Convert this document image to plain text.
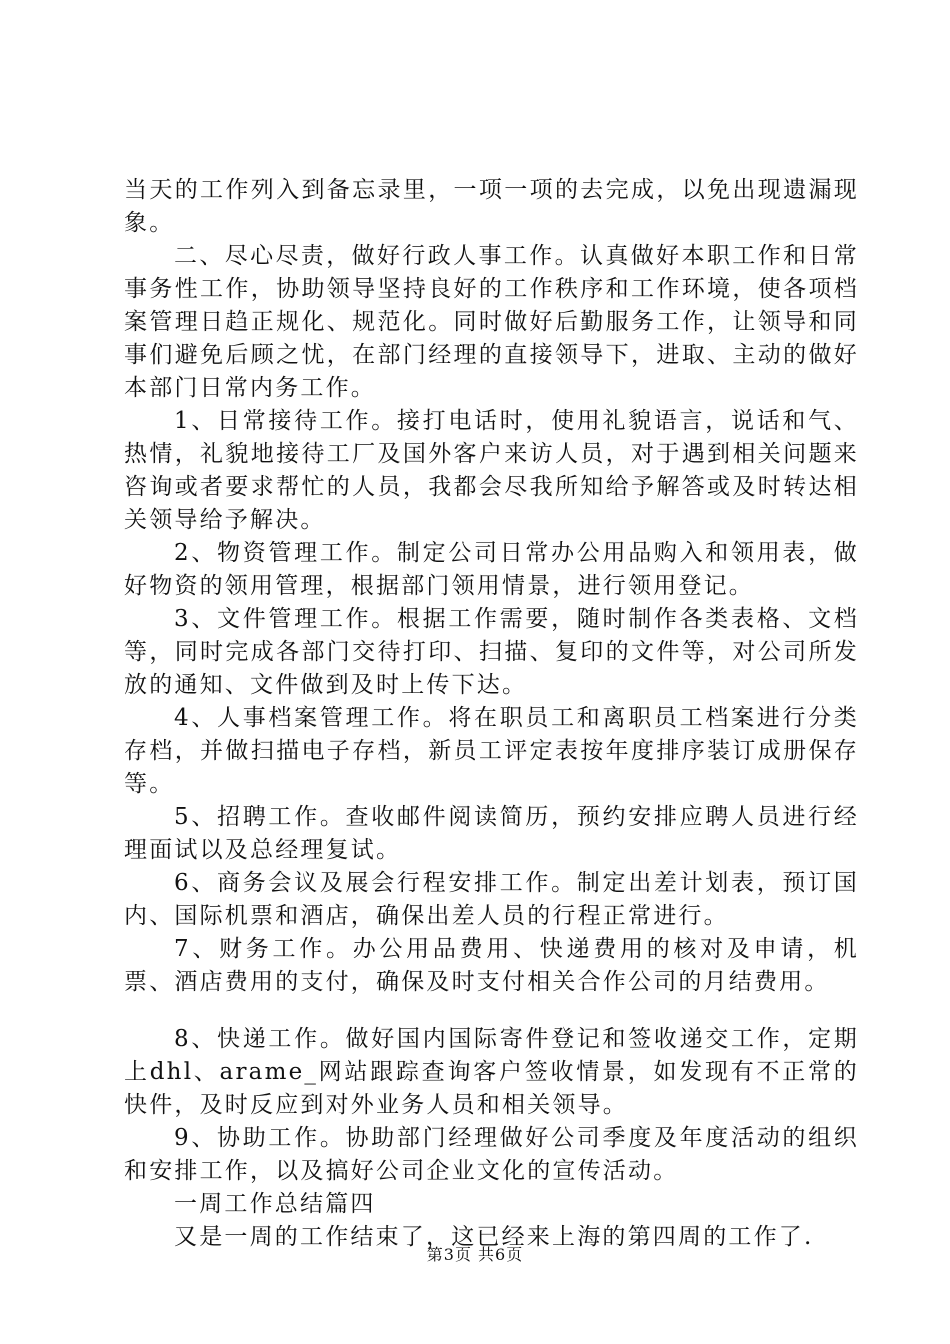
当天的工作列入到备忘录里，一项一项的去完成，以免出现遗漏现象。

二、尽心尽责，做好行政人事工作。认真做好本职工作和日常事务性工作，协助领导坚持良好的工作秩序和工作环境，使各项档案管理日趋正规化、规范化。同时做好后勤服务工作，让领导和同事们避免后顾之忧，在部门经理的直接领导下，进取、主动的做好本部门日常内务工作。

1、日常接待工作。接打电话时，使用礼貌语言，说话和气、热情，礼貌地接待工厂及国外客户来访人员，对于遇到相关问题来咨询或者要求帮忙的人员，我都会尽我所知给予解答或及时转达相关领导给予解决。

2、物资管理工作。制定公司日常办公用品购入和领用表，做好物资的领用管理，根据部门领用情景，进行领用登记。

3、文件管理工作。根据工作需要，随时制作各类表格、文档等，同时完成各部门交待打印、扫描、复印的文件等，对公司所发放的通知、文件做到及时上传下达。

4、人事档案管理工作。将在职员工和离职员工档案进行分类存档，并做扫描电子存档，新员工评定表按年度排序装订成册保存等。

5、招聘工作。查收邮件阅读简历，预约安排应聘人员进行经理面试以及总经理复试。

6、商务会议及展会行程安排工作。制定出差计划表，预订国内、国际机票和酒店，确保出差人员的行程正常进行。

7、财务工作。办公用品费用、快递费用的核对及申请，机票、酒店费用的支付，确保及时支付相关合作公司的月结费用。

8、快递工作。做好国内国际寄件登记和签收递交工作，定期上dhl、arame_网站跟踪查询客户签收情景，如发现有不正常的快件，及时反应到对外业务人员和相关领导。

9、协助工作。协助部门经理做好公司季度及年度活动的组织和安排工作，以及搞好公司企业文化的宣传活动。

一周工作总结篇四

又是一周的工作结束了，这已经来上海的第四周的工作了.

第3页 共6页
